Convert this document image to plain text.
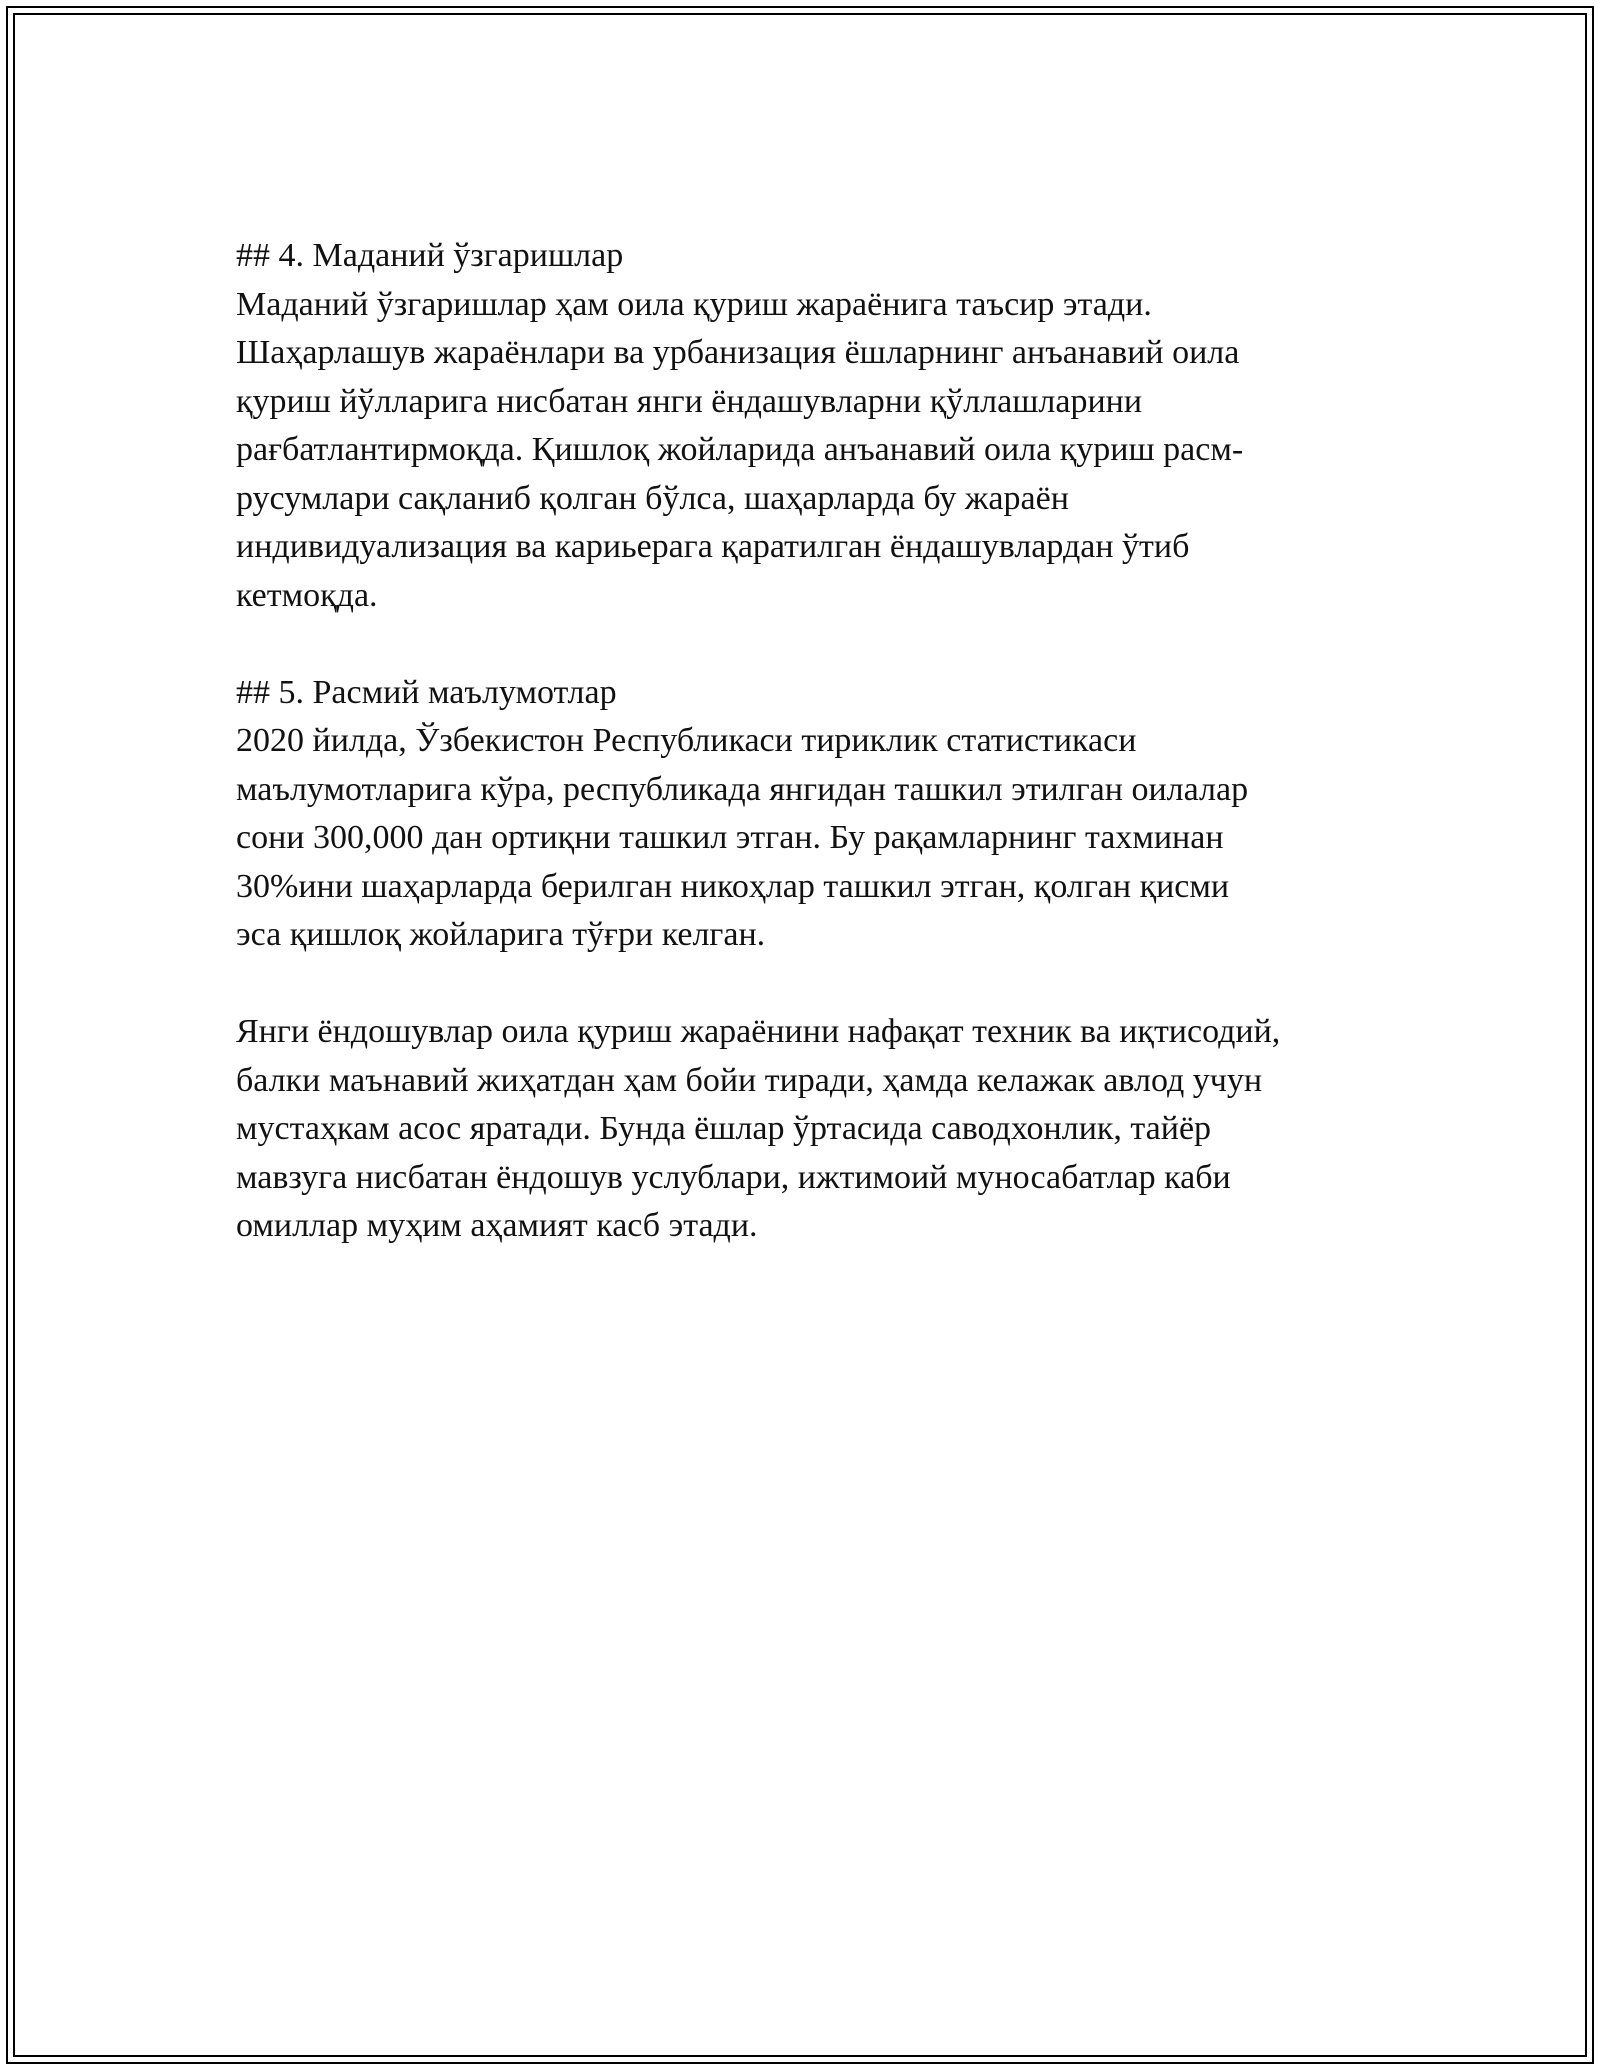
## 4. Маданий ўзгаришлар
Маданий ўзгаришлар ҳам оила қуриш жараёнига таъсир этади.
Шаҳарлашув жараёнлари ва урбанизация ёшларнинг анъанавий оила
қуриш йўлларига нисбатан янги ёндашувларни қўллашларини
рағбатлантирмоқда. Қишлоқ жойларида анъанавий оила қуриш расм-
русумлари сақланиб қолган бўлса, шаҳарларда бу жараён
индивидуализация ва кариьерага қаратилган ёндашувлардан ўтиб
кетмоқда.
## 5. Расмий маълумотлар
2020 йилда, Ўзбекистон Республикаси тириклик статистикаси
маълумотларига кўра, республикада янгидан ташкил этилган оилалар
сони 300,000 дан ортиқни ташкил этган. Бу рақамларнинг тахминан
30%ини шаҳарларда берилган никоҳлар ташкил этган, қолган қисми
эса қишлоқ жойларига тўғри келган.
Янги ёндошувлар оила қуриш жараёнини нафақат техник ва иқтисодий,
балки маънавий жиҳатдан ҳам бойи тиради, ҳамда келажак авлод учун
мустаҳкам асос яратади. Бунда ёшлар ўртасида саводхонлик, тайёр
мавзуга нисбатан ёндошув услублари, ижтимоий муносабатлар каби
омиллар муҳим аҳамият касб этади.
